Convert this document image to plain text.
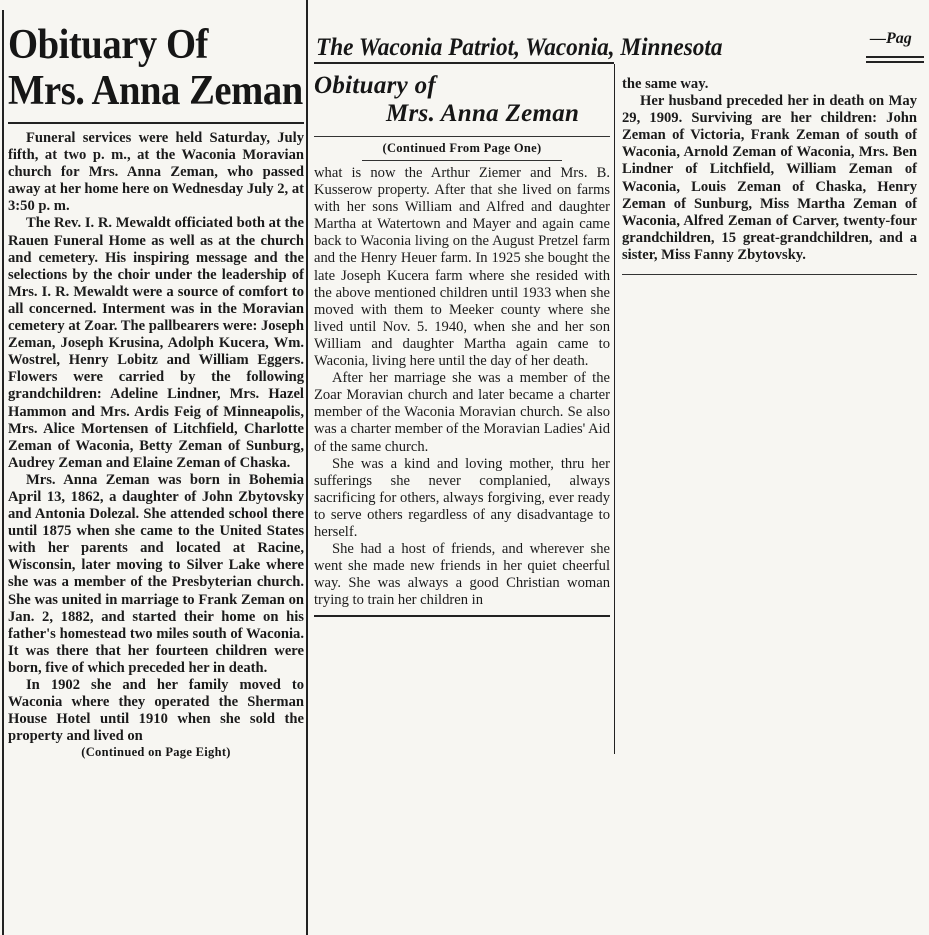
Obituary Of
Mrs. Anna Zeman

Funeral services were held Saturday, July fifth, at two p. m., at the Waconia Moravian church for Mrs. Anna Zeman, who passed away at her home here on Wednesday July 2, at 3:50 p. m.

The Rev. I. R. Mewaldt officiated both at the Rauen Funeral Home as well as at the church and cemetery. His inspiring message and the selections by the choir under the leadership of Mrs. I. R. Mewaldt were a source of comfort to all concerned. Interment was in the Moravian cemetery at Zoar. The pallbearers were: Joseph Zeman, Joseph Krusina, Adolph Kucera, Wm. Wostrel, Henry Lobitz and William Eggers. Flowers were carried by the following grandchildren: Adeline Lindner, Mrs. Hazel Hammon and Mrs. Ardis Feig of Minneapolis, Mrs. Alice Mortensen of Litchfield, Charlotte Zeman of Waconia, Betty Zeman of Sunburg, Audrey Zeman and Elaine Zeman of Chaska.

Mrs. Anna Zeman was born in Bohemia April 13, 1862, a daughter of John Zbytovsky and Antonia Dolezal. She attended school there until 1875 when she came to the United States with her parents and located at Racine, Wisconsin, later moving to Silver Lake where she was a member of the Presbyterian church. She was united in marriage to Frank Zeman on Jan. 2, 1882, and started their home on his father's homestead two miles south of Waconia. It was there that her fourteen children were born, five of which preceded her in death.

In 1902 she and her family moved to Waconia where they operated the Sherman House Hotel until 1910 when she sold the property and lived on

(Continued on Page Eight)
The Waconia Patriot, Waconia, Minnesota	—Pag
Obituary of
Mrs. Anna Zeman
(Continued From Page One)

what is now the Arthur Ziemer and Mrs. B. Kusserow property. After that she lived on farms with her sons William and Alfred and daughter Martha at Watertown and Mayer and again came back to Waconia living on the August Pretzel farm and the Henry Heuer farm. In 1925 she bought the late Joseph Kucera farm where she resided with the above mentioned children until 1933 when she moved with them to Meeker county where she lived until Nov. 5. 1940, when she and her son William and daughter Martha again came to Waconia, living here until the day of her death.

After her marriage she was a member of the Zoar Moravian church and later became a charter member of the Waconia Moravian church. Se also was a charter member of the Moravian Ladies' Aid of the same church.

She was a kind and loving mother, thru her sufferings she never complanied, always sacrificing for others, always forgiving, ever ready to serve others regardless of any disadvantage to herself.

She had a host of friends, and wherever she went she made new friends in her quiet cheerful way. She was always a good Christian woman trying to train her children in

the same way.

Her husband preceded her in death on May 29, 1909. Surviving are her children: John Zeman of Victoria, Frank Zeman of south of Waconia, Arnold Zeman of Waconia, Mrs. Ben Lindner of Litchfield, William Zeman of Waconia, Louis Zeman of Chaska, Henry Zeman of Sunburg, Miss Martha Zeman of Waconia, Alfred Zeman of Carver, twenty-four grandchildren, 15 great-grandchildren, and a sister, Miss Fanny Zbytovsky.
